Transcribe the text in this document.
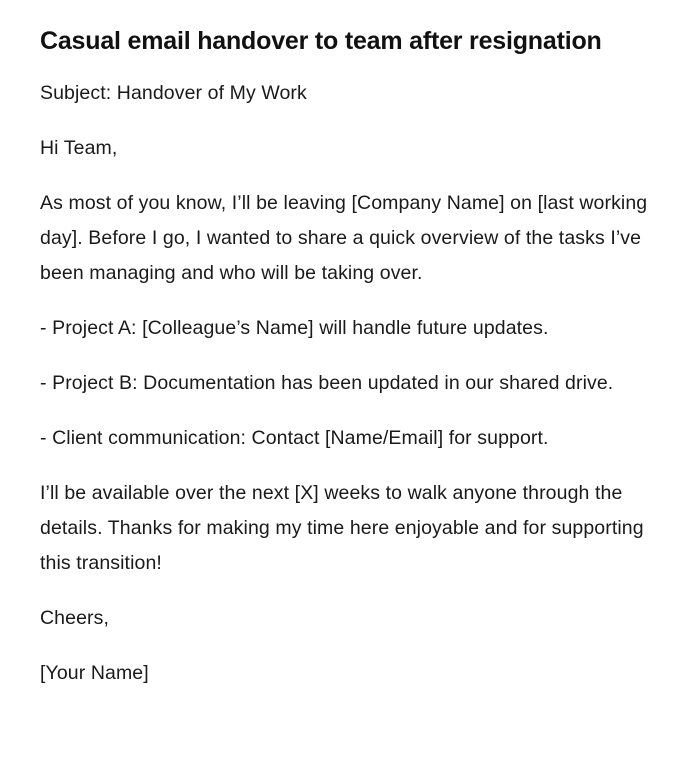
Casual email handover to team after resignation

Subject: Handover of My Work

Hi Team,

As most of you know, I’ll be leaving [Company Name] on [last working day]. Before I go, I wanted to share a quick overview of the tasks I’ve been managing and who will be taking over.

- Project A: [Colleague’s Name] will handle future updates.

- Project B: Documentation has been updated in our shared drive.

- Client communication: Contact [Name/Email] for support.

I’ll be available over the next [X] weeks to walk anyone through the details. Thanks for making my time here enjoyable and for supporting this transition!

Cheers,

[Your Name]
